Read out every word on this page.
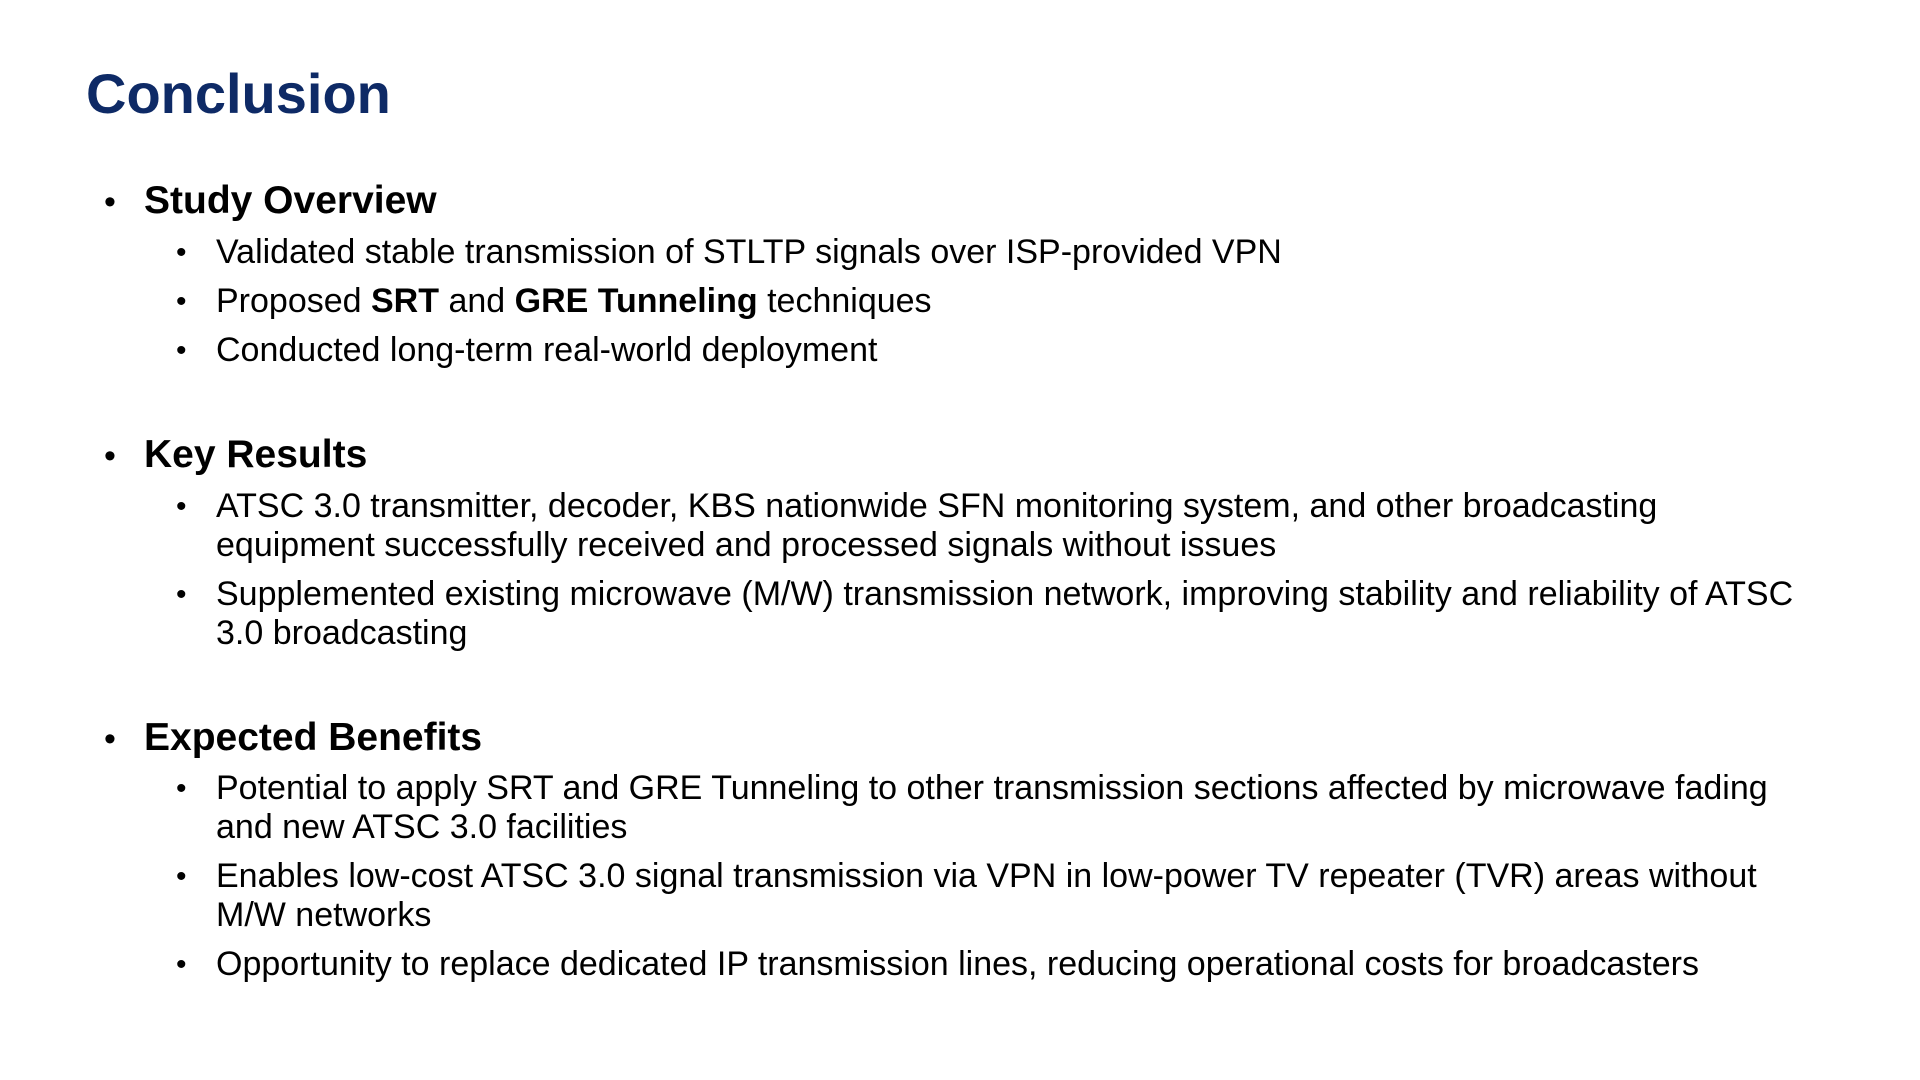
Conclusion
• Study Overview
• Validated stable transmission of STLTP signals over ISP-provided VPN
• Proposed SRT and GRE Tunneling techniques
• Conducted long-term real-world deployment
• Key Results
• ATSC 3.0 transmitter, decoder, KBS nationwide SFN monitoring system, and other broadcasting equipment successfully received and processed signals without issues
• Supplemented existing microwave (M/W) transmission network, improving stability and reliability of ATSC 3.0 broadcasting
• Expected Benefits
• Potential to apply SRT and GRE Tunneling to other transmission sections affected by microwave fading and new ATSC 3.0 facilities
• Enables low-cost ATSC 3.0 signal transmission via VPN in low-power TV repeater (TVR) areas without M/W networks
• Opportunity to replace dedicated IP transmission lines, reducing operational costs for broadcasters
